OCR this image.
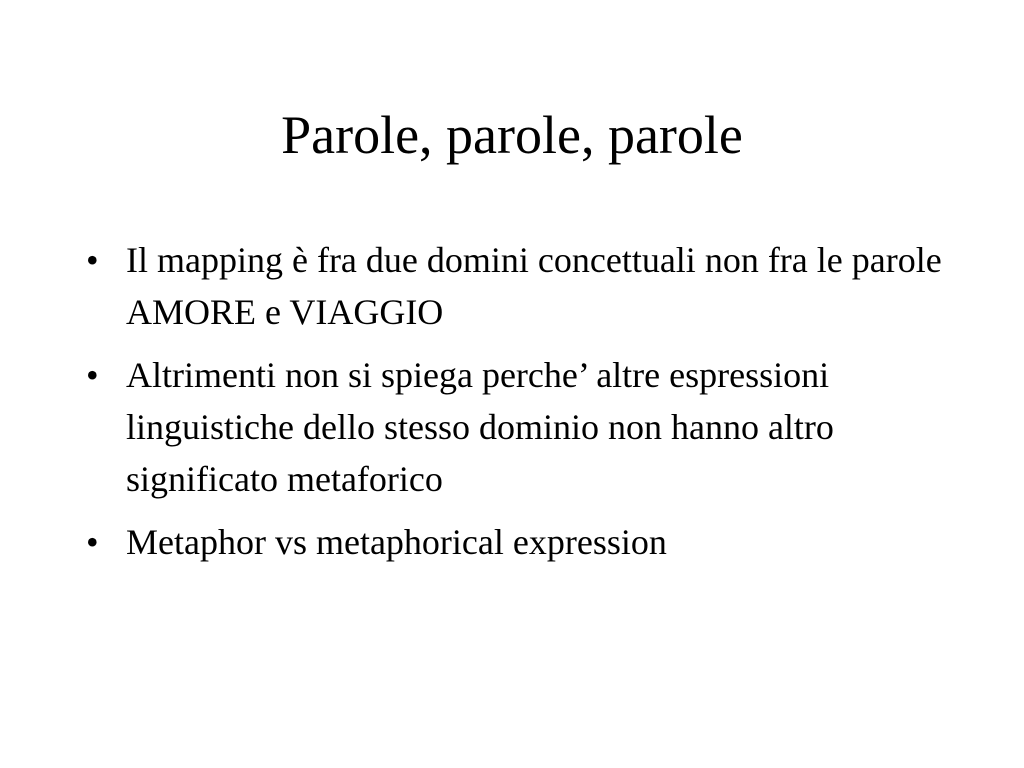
Parole, parole, parole
• Il mapping è fra due domini concettuali non fra le parole AMORE e VIAGGIO
• Altrimenti non si spiega perche’ altre espressioni linguistiche dello stesso dominio non hanno altro significato metaforico
• Metaphor vs metaphorical expression
